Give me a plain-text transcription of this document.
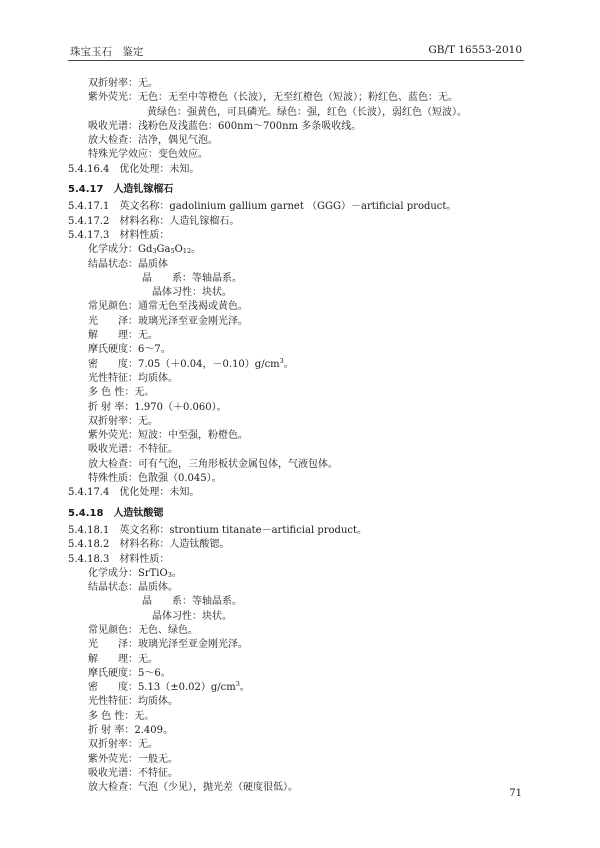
珠宝玉石　鉴定	GB/T 16553-2010
双折射率：无。
紫外荧光：无色：无至中等橙色（长波），无至红橙色（短波）；粉红色、蓝色：无。
黄绿色：强黄色，可具磷光。绿色：强，红色（长波），弱红色（短波）。
吸收光谱：浅粉色及浅蓝色：600nm～700nm 多条吸收线。
放大检查：洁净，偶见气泡。
特殊光学效应：变色效应。
5.4.16.4　 优化处理：未知。
5.4.17 人造钆镓榴石
5.4.17.1　英文名称：gadolinium gallium garnet （GGG）－artificial product。
5.4.17.2　材料名称：人造钆镓榴石。
5.4.17.3　材料性质：
化学成分：$Gd_3Ga_5O_{12}$。
结晶状态：晶质体
晶　　系：等轴晶系。
晶体习性：块状。
常见颜色：通常无色至浅褐或黄色。
光　　泽：玻璃光泽至亚金刚光泽。
解　　理：无。
摩氏硬度：6～7。
密　　度：7.05（＋0.04，$-0.10)g/cm^3$。
光性特征：均质体。
多 色 性：无。
折 射 率：1.970（＋0.060）。
双折射率：无。
紫外荧光：短波：中至强，粉橙色。
吸收光谱：不特征。
放大检查：可有气泡，三角形板状金属包体，气液包体。
特殊性质：色散强（0.045）。
5.4.17.4　优化处理：未知。
5.4.18 人造钛酸锶
5.4.18.1　英文名称：strontium titanate－artificial product。
5.4.18.2　材料名称：人造钛酸锶。
5.4.18.3　材料性质：
化学成分：SrTiO$_3$。
结晶状态：晶质体。
晶　　系：等轴晶系。
晶体习性：块状。
常见颜色：无色、绿色。
光　　泽：玻璃光泽至亚金刚光泽。
解　　理：无。
摩氏硬度：5～6。
密　　度：$5.13(\pm 0.02)g/cm^3$。
光性特征：均质体。
多 色 性：无。
折 射 率：2.409。
双折射率：无。
紫外荧光：一般无。
吸收光谱：不特征。
放大检查：气泡（少见），抛光差（硬度很低）。
71
